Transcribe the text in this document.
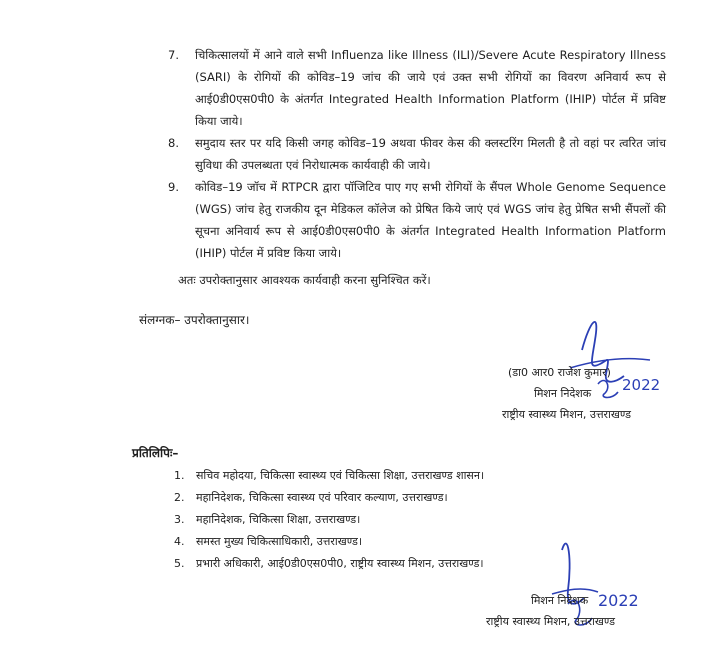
7.	चिकित्सालयों में आने वाले सभी Influenza like Illness (ILI)/Severe Acute Respiratory Illness (SARI) के रोगियों की कोविड–19 जांच की जाये एवं उक्त सभी रोगियों का विवरण अनिवार्य रूप से आई0डी0एस0पी0 के अंतर्गत Integrated Health Information Platform (IHIP) पोर्टल में प्रविष्ट किया जाये।
8.	समुदाय स्तर पर यदि किसी जगह कोविड–19 अथवा फीवर केस की क्लस्टरिंग मिलती है तो वहां पर त्वरित जांच सुविधा की उपलब्धता एवं निरोधात्मक कार्यवाही की जाये।
9.	कोविड–19 जॉच में RTPCR द्वारा पॉजिटिव पाए गए सभी रोगियों के सैंपल Whole Genome Sequence (WGS) जांच हेतु राजकीय दून मेडिकल कॉलेज को प्रेषित किये जाएं एवं WGS जांच हेतु प्रेषित सभी सैंपलों की सूचना अनिवार्य रूप से आई0डी0एस0पी0 के अंतर्गत Integrated Health Information Platform (IHIP) पोर्टल में प्रविष्ट किया जाये।
अतः उपरोक्तानुसार आवश्यक कार्यवाही करना सुनिश्चित करें।
संलग्नक– उपरोक्तानुसार।
2022
(डा0 आर0 राजेश कुमार)
मिशन निदेशक
राष्ट्रीय स्वास्थ्य मिशन, उत्तराखण्ड
प्रतिलिपिः–
1. सचिव महोदया, चिकित्सा स्वास्थ्य एवं चिकित्सा शिक्षा, उत्तराखण्ड शासन।
2. महानिदेशक, चिकित्सा स्वास्थ्य एवं परिवार कल्याण, उत्तराखण्ड।
3. महानिदेशक, चिकित्सा शिक्षा, उत्तराखण्ड।
4. समस्त मुख्य चिकित्साधिकारी, उत्तराखण्ड।
5. प्रभारी अधिकारी, आई0डी0एस0पी0, राष्ट्रीय स्वास्थ्य मिशन, उत्तराखण्ड।
2022
मिशन निदेशक
राष्ट्रीय स्वास्थ्य मिशन, उत्तराखण्ड
